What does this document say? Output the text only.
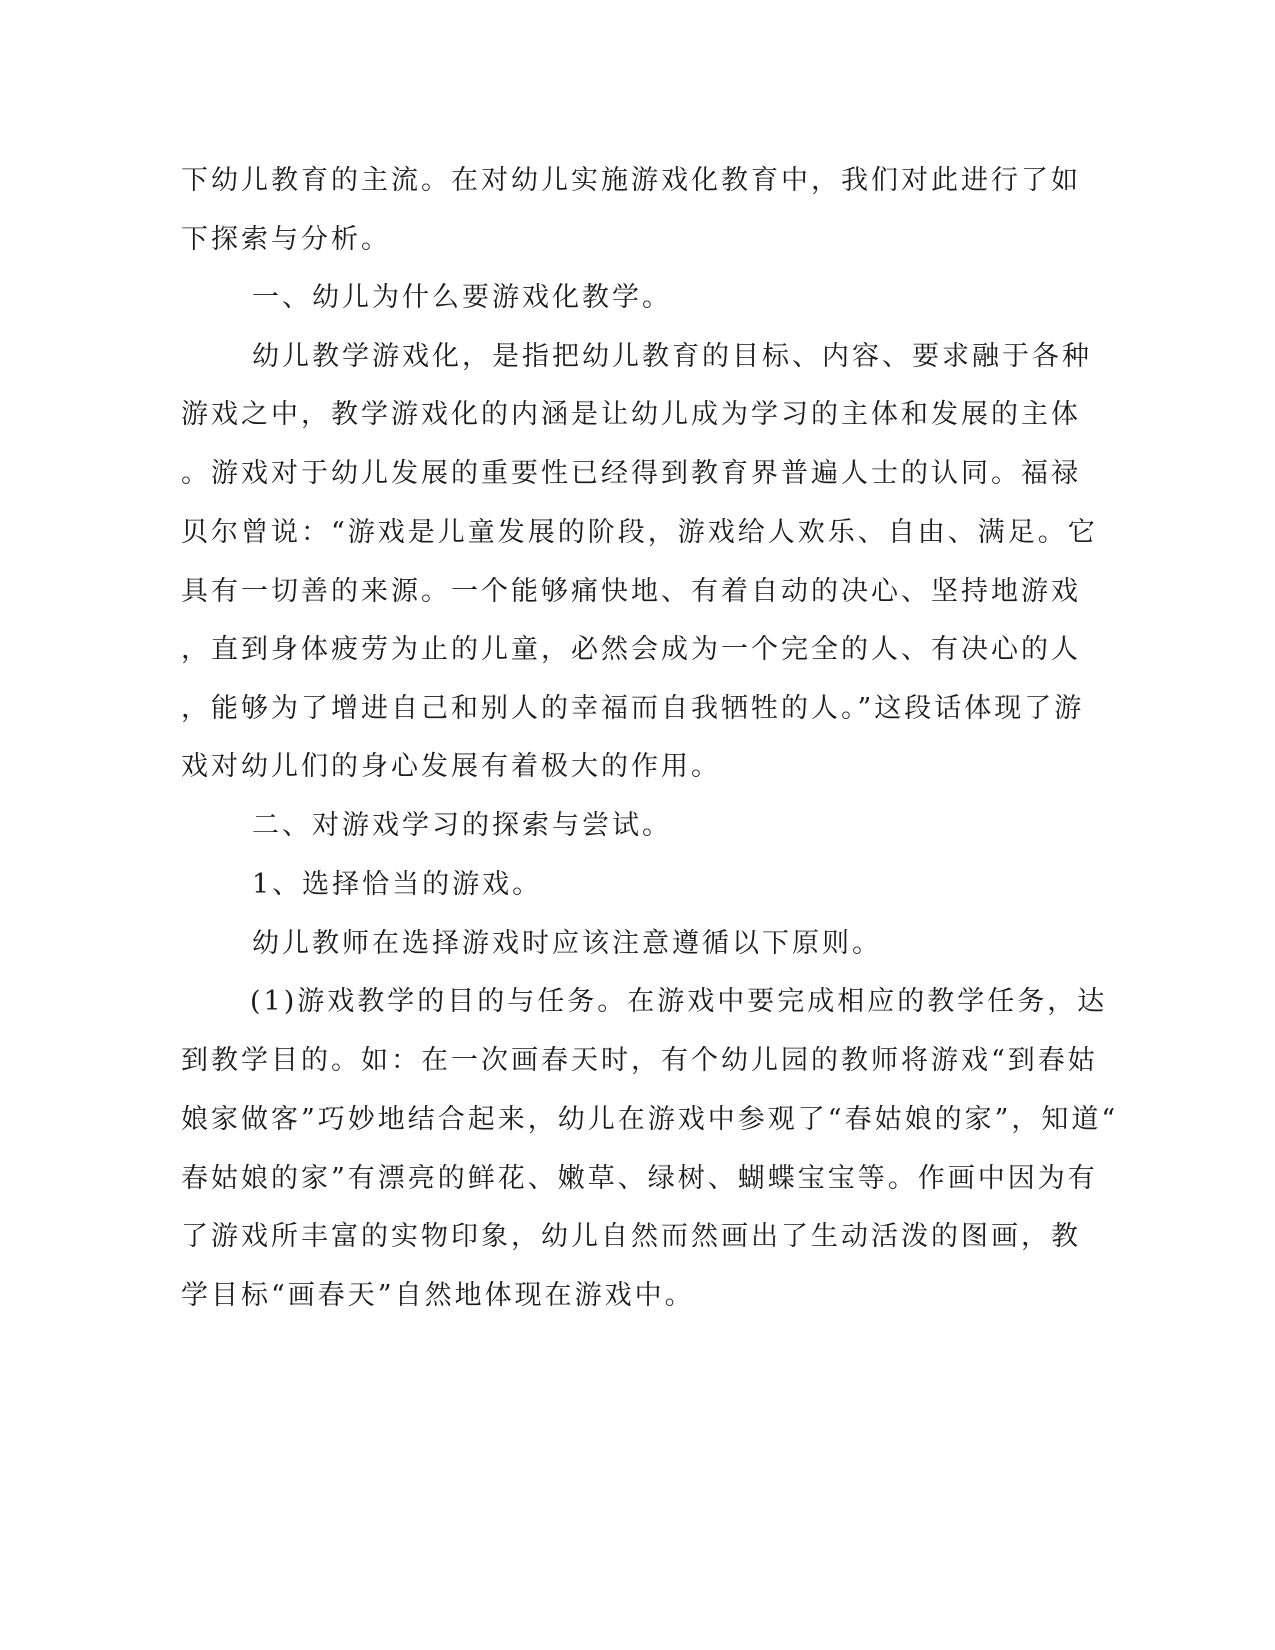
下幼儿教育的主流。在对幼儿实施游戏化教育中，我们对此进行了如
下探索与分析。
一、幼儿为什么要游戏化教学。
幼儿教学游戏化，是指把幼儿教育的目标、内容、要求融于各种
游戏之中，教学游戏化的内涵是让幼儿成为学习的主体和发展的主体
。游戏对于幼儿发展的重要性已经得到教育界普遍人士的认同。福禄
贝尔曾说：“游戏是儿童发展的阶段，游戏给人欢乐、自由、满足。它
具有一切善的来源。一个能够痛快地、有着自动的决心、坚持地游戏
，直到身体疲劳为止的儿童，必然会成为一个完全的人、有决心的人
，能够为了增进自己和别人的幸福而自我牺牲的人。”这段话体现了游
戏对幼儿们的身心发展有着极大的作用。
二、对游戏学习的探索与尝试。
1、选择恰当的游戏。
幼儿教师在选择游戏时应该注意遵循以下原则。
(1)游戏教学的目的与任务。在游戏中要完成相应的教学任务，达
到教学目的。如：在一次画春天时，有个幼儿园的教师将游戏“到春姑
娘家做客”巧妙地结合起来，幼儿在游戏中参观了“春姑娘的家”，知道“
春姑娘的家”有漂亮的鲜花、嫩草、绿树、蝴蝶宝宝等。作画中因为有
了游戏所丰富的实物印象，幼儿自然而然画出了生动活泼的图画，教
学目标“画春天”自然地体现在游戏中。
